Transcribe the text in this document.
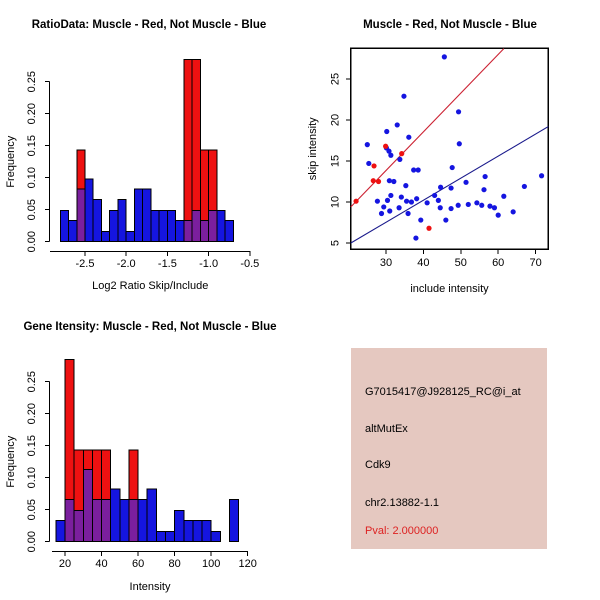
RatioData: Muscle - Red, Not Muscle - Blue
-2.5 -2.0 -1.5 -1.0 -0.5
0.00
0.05
0.10
0.15
0.20
0.25
Log2 Ratio Skip/Include
Frequency
Muscle - Red, Not Muscle - Blue
30 40 50 60 70
5
10
15
20
25
include intensity
skip intensity
Gene Itensity: Muscle - Red, Not Muscle - Blue
20 40 60 80 100 120
0.00
0.05
0.10
0.15
0.20
0.25
Intensity
Frequency
G7015417@J928125_RC@i_at
altMutEx
Cdk9
chr2.13882-1.1
Pval: 2.000000
